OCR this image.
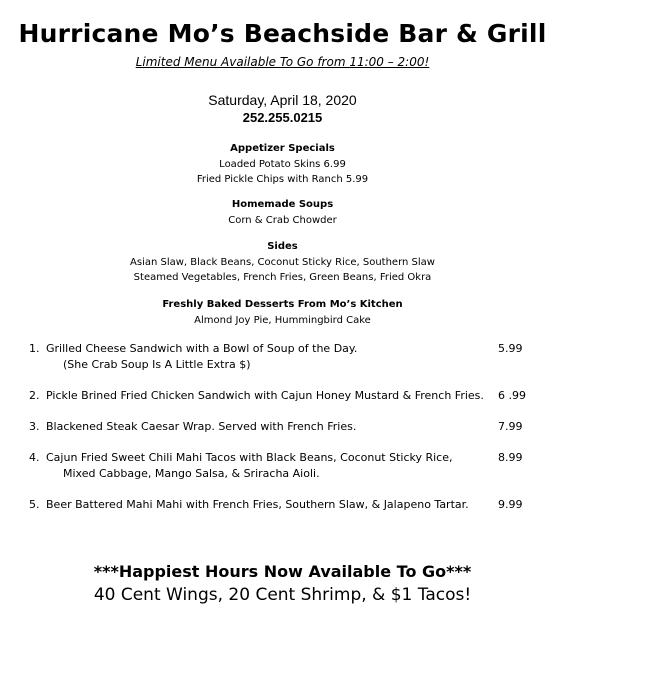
Hurricane Mo’s Beachside Bar & Grill
Limited Menu Available To Go from 11:00 – 2:00!
Saturday, April 18, 2020
252.255.0215
Appetizer Specials
Loaded Potato Skins 6.99
Fried Pickle Chips with Ranch 5.99
Homemade Soups
Corn & Crab Chowder
Sides
Asian Slaw, Black Beans, Coconut Sticky Rice, Southern Slaw
Steamed Vegetables, French Fries, Green Beans, Fried Okra
Freshly Baked Desserts From Mo’s Kitchen
Almond Joy Pie, Hummingbird Cake
1. Grilled Cheese Sandwich with a Bowl of Soup of the Day.
(She Crab Soup Is A Little Extra $)
5.99
2. Pickle Brined Fried Chicken Sandwich with Cajun Honey Mustard & French Fries. 6 .99
3. Blackened Steak Caesar Wrap. Served with French Fries.	7.99
4. Cajun Fried Sweet Chili Mahi Tacos with Black Beans, Coconut Sticky Rice,
Mixed Cabbage, Mango Salsa, & Sriracha Aioli.
8.99
5. Beer Battered Mahi Mahi with French Fries, Southern Slaw, & Jalapeno Tartar.	9.99
***Happiest Hours Now Available To Go***
40 Cent Wings, 20 Cent Shrimp, & $1 Tacos!
